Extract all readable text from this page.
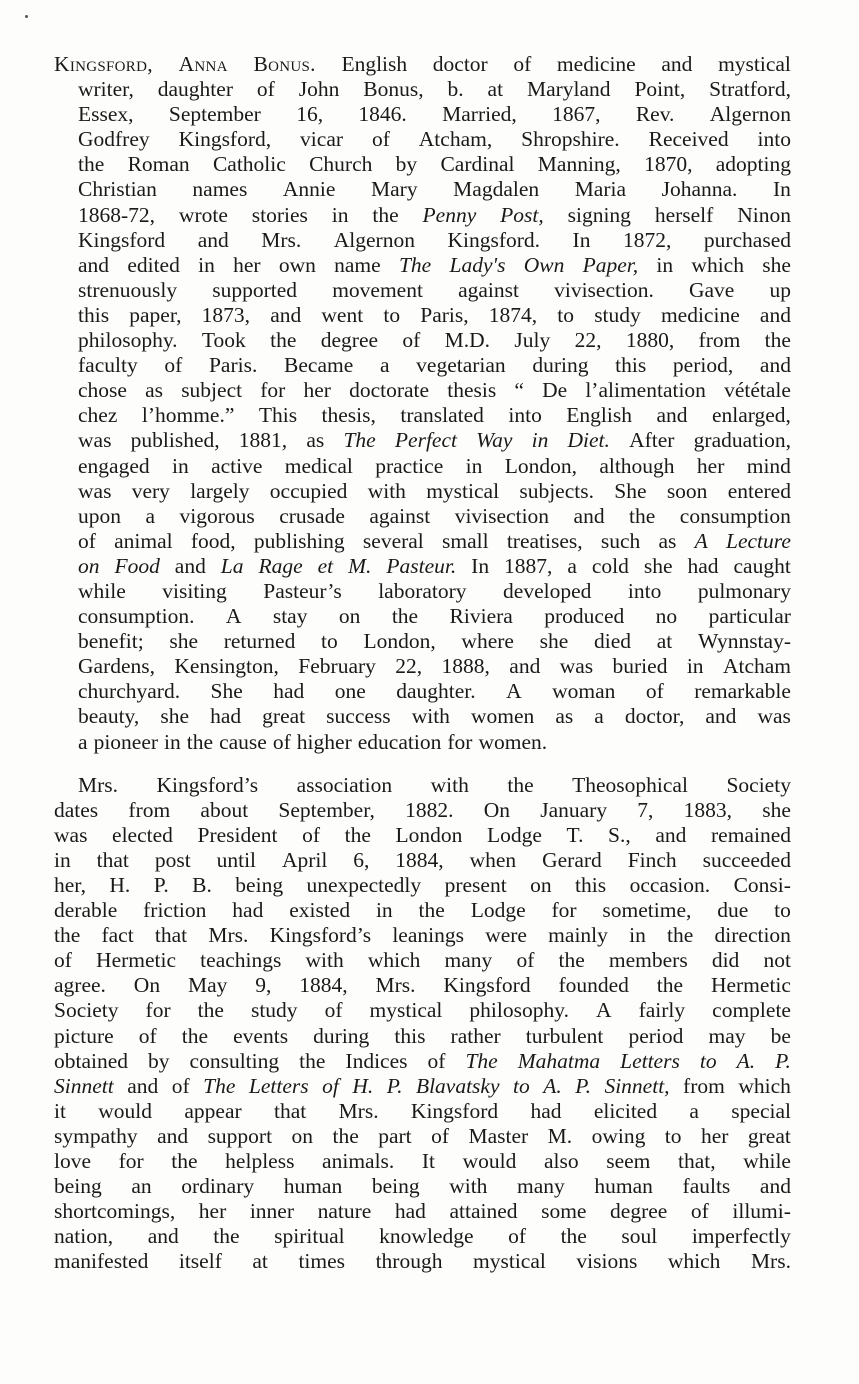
Kingsford, Anna Bonus. English doctor of medicine and mystical
writer, daughter of John Bonus, b. at Maryland Point, Stratford,
Essex, September 16, 1846. Married, 1867, Rev. Algernon
Godfrey Kingsford, vicar of Atcham, Shropshire. Received into
the Roman Catholic Church by Cardinal Manning, 1870, adopting
Christian names Annie Mary Magdalen Maria Johanna. In
1868-72, wrote stories in the Penny Post, signing herself Ninon
Kingsford and Mrs. Algernon Kingsford. In 1872, purchased
and edited in her own name The Lady's Own Paper, in which she
strenuously supported movement against vivisection. Gave up
this paper, 1873, and went to Paris, 1874, to study medicine and
philosophy. Took the degree of M.D. July 22, 1880, from the
faculty of Paris. Became a vegetarian during this period, and
chose as subject for her doctorate thesis “ De l’alimentation vététale
chez l’homme.” This thesis, translated into English and enlarged,
was published, 1881, as The Perfect Way in Diet. After graduation,
engaged in active medical practice in London, although her mind
was very largely occupied with mystical subjects. She soon entered
upon a vigorous crusade against vivisection and the consumption
of animal food, publishing several small treatises, such as A Lecture
on Food and La Rage et M. Pasteur. In 1887, a cold she had caught
while visiting Pasteur’s laboratory developed into pulmonary
consumption. A stay on the Riviera produced no particular
benefit; she returned to London, where she died at Wynnstay-
Gardens, Kensington, February 22, 1888, and was buried in Atcham
churchyard. She had one daughter. A woman of remarkable
beauty, she had great success with women as a doctor, and was
a pioneer in the cause of higher education for women.
Mrs. Kingsford’s association with the Theosophical Society
dates from about September, 1882. On January 7, 1883, she
was elected President of the London Lodge T. S., and remained
in that post until April 6, 1884, when Gerard Finch succeeded
her, H. P. B. being unexpectedly present on this occasion. Consi-
derable friction had existed in the Lodge for sometime, due to
the fact that Mrs. Kingsford’s leanings were mainly in the direction
of Hermetic teachings with which many of the members did not
agree. On May 9, 1884, Mrs. Kingsford founded the Hermetic
Society for the study of mystical philosophy. A fairly complete
picture of the events during this rather turbulent period may be
obtained by consulting the Indices of The Mahatma Letters to A. P.
Sinnett and of The Letters of H. P. Blavatsky to A. P. Sinnett, from which
it would appear that Mrs. Kingsford had elicited a special
sympathy and support on the part of Master M. owing to her great
love for the helpless animals. It would also seem that, while
being an ordinary human being with many human faults and
shortcomings, her inner nature had attained some degree of illumi-
nation, and the spiritual knowledge of the soul imperfectly
manifested itself at times through mystical visions which Mrs.
